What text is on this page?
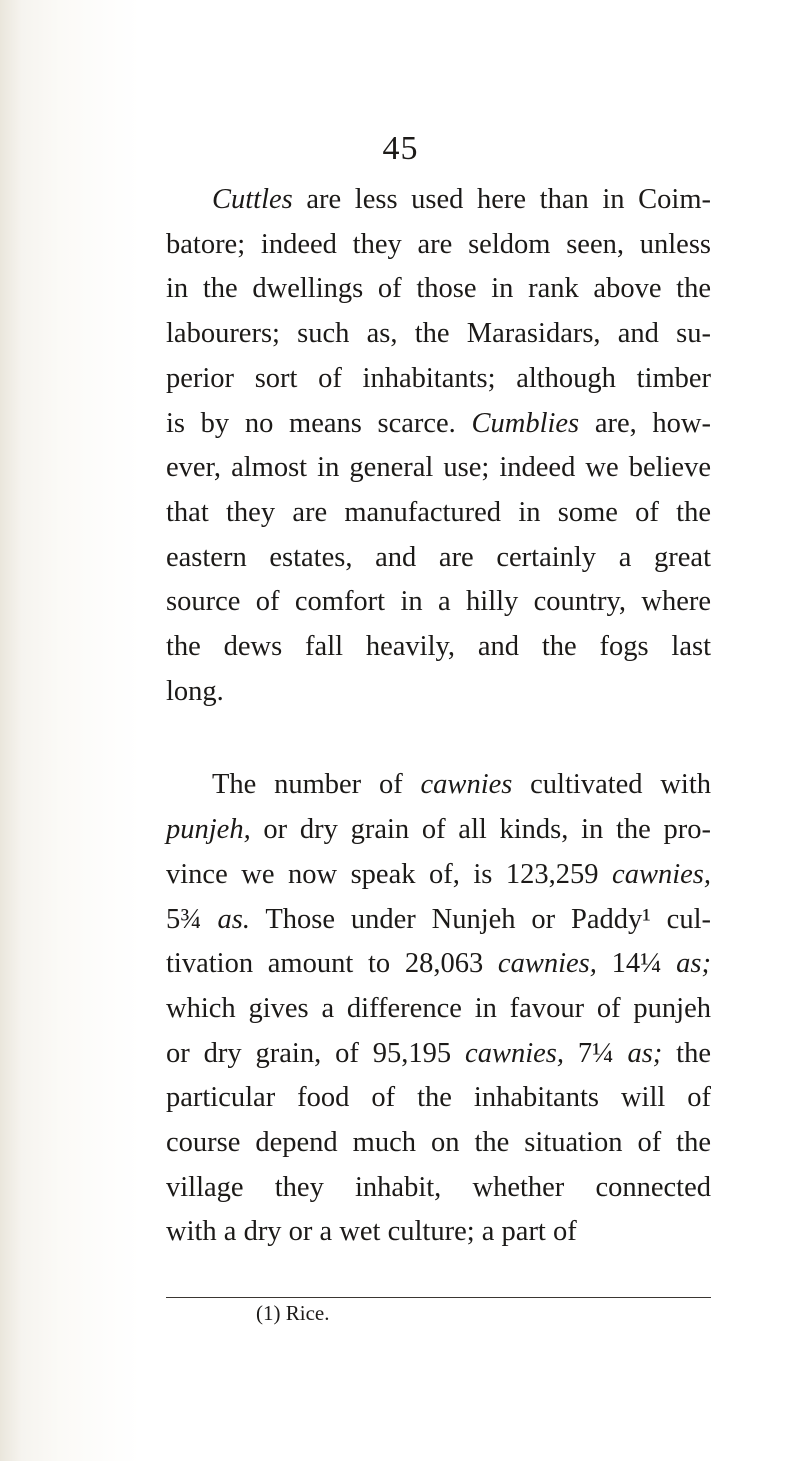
45

Cuttles are less used here than in Coim-
batore; indeed they are seldom seen, unless
in the dwellings of those in rank above the
labourers; such as, the Marasidars, and su-
perior sort of inhabitants; although timber
is by no means scarce. Cumblies are, how-
ever, almost in general use; indeed we believe
that they are manufactured in some of the
eastern estates, and are certainly a great
source of comfort in a hilly country, where
the dews fall heavily, and the fogs last
long.

The number of cawnies cultivated with
punjeh, or dry grain of all kinds, in the pro-
vince we now speak of, is 123,259 cawnies,
5¾ as. Those under Nunjeh or Paddy¹ cul-
tivation amount to 28,063 cawnies, 14¼ as;
which gives a difference in favour of punjeh
or dry grain, of 95,195 cawnies, 7¼ as; the
particular food of the inhabitants will of
course depend much on the situation of the
village they inhabit, whether connected
with a dry or a wet culture; a part of

(1) Rice.
